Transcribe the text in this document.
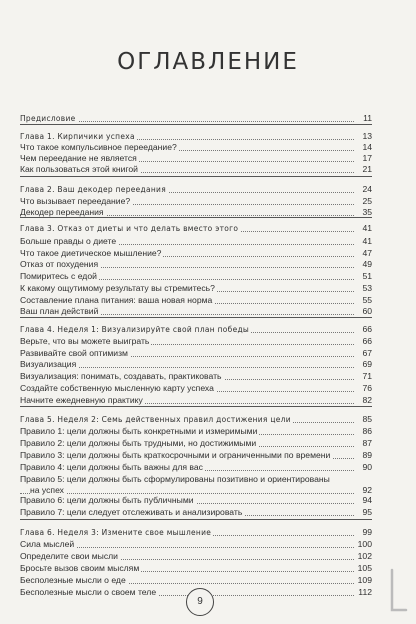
ОГЛАВЛЕНИЕ
Предисловие	11
Глава 1. Кирпичики успеха	13
Что такое компульсивное переедание?	14
Чем переедание не является	17
Как пользоваться этой книгой	21
Глава 2. Ваш декодер переедания	24
Что вызывает переедание?	25
Декодер переедания	35
Глава 3. Отказ от диеты и что делать вместо этого	41
Больше правды о диете	41
Что такое диетическое мышление?	47
Отказ от похудения	49
Помиритесь с едой	51
К какому ощутимому результату вы стремитесь?	53
Составление плана питания: ваша новая норма	55
Ваш план действий	60
Глава 4. Неделя 1: Визуализируйте свой план победы	66
Верьте, что вы можете выиграть	66
Развивайте свой оптимизм	67
Визуализация	69
Визуализация: понимать, создавать, практиковать	71
Создайте собственную мысленную карту успеха	76
Начните ежедневную практику	82
Глава 5. Неделя 2: Семь действенных правил достижения цели	85
Правило 1: цели должны быть конкретными и измеримыми	86
Правило 2: цели должны быть трудными, но достижимыми	87
Правило 3: цели должны быть краткосрочными и ограниченными по времени	89
Правило 4: цели должны быть важны для вас	90
Правило 5: цели должны быть сформулированы позитивно и ориентированы
на успех	92
Правило 6: цели должны быть публичными	94
Правило 7: цели следует отслеживать и анализировать	95
Глава 6. Неделя 3: Измените свое мышление	99
Сила мыслей	100
Определите свои мысли	102
Бросьте вызов своим мыслям	105
Бесполезные мысли о еде	109
Бесполезные мысли о своем теле	112
9
